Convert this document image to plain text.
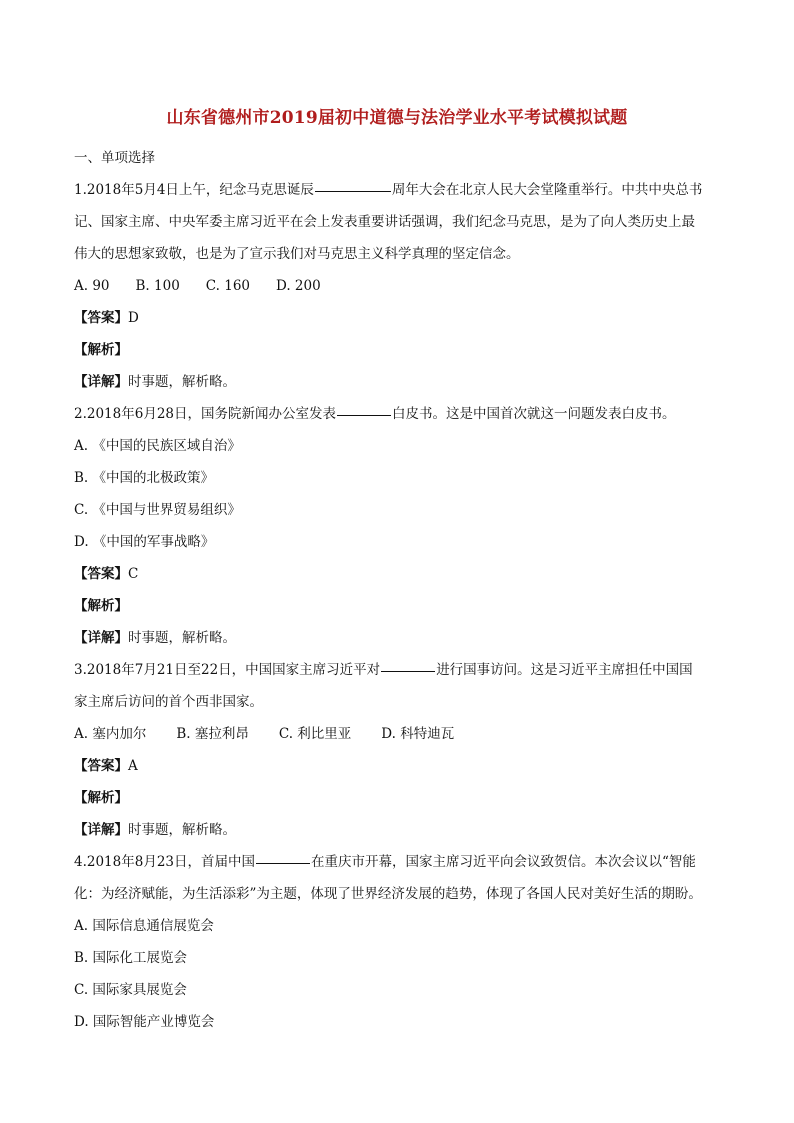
山东省德州市2019届初中道德与法治学业水平考试模拟试题
一、单项选择
1.2018年5月4日上午，纪念马克思诞辰	周年大会在北京人民大会堂隆重举行。中共中央总书
记、国家主席、中央军委主席习近平在会上发表重要讲话强调，我们纪念马克思，是为了向人类历史上最
伟大的思想家致敬，也是为了宣示我们对马克思主义科学真理的坚定信念。
A. 90 B. 100 C. 160 D. 200
【答案】D
【解析】
【详解】时事题，解析略。
2.2018年6月28日，国务院新闻办公室发表	白皮书。这是中国首次就这一问题发表白皮书。
A. 《中国的民族区域自治》
B. 《中国的北极政策》
C. 《中国与世界贸易组织》
D. 《中国的军事战略》
【答案】C
【解析】
【详解】时事题，解析略。
3.2018年7月21日至22日，中国国家主席习近平对	进行国事访问。这是习近平主席担任中国国
家主席后访问的首个西非国家。
A. 塞内加尔 B. 塞拉利昂 C. 利比里亚 D. 科特迪瓦
【答案】A
【解析】
【详解】时事题，解析略。
4.2018年8月23日，首届中国	在重庆市开幕，国家主席习近平向会议致贺信。本次会议以“智能
化：为经济赋能，为生活添彩”为主题，体现了世界经济发展的趋势，体现了各国人民对美好生活的期盼。
A. 国际信息通信展览会
B. 国际化工展览会
C. 国际家具展览会
D. 国际智能产业博览会
